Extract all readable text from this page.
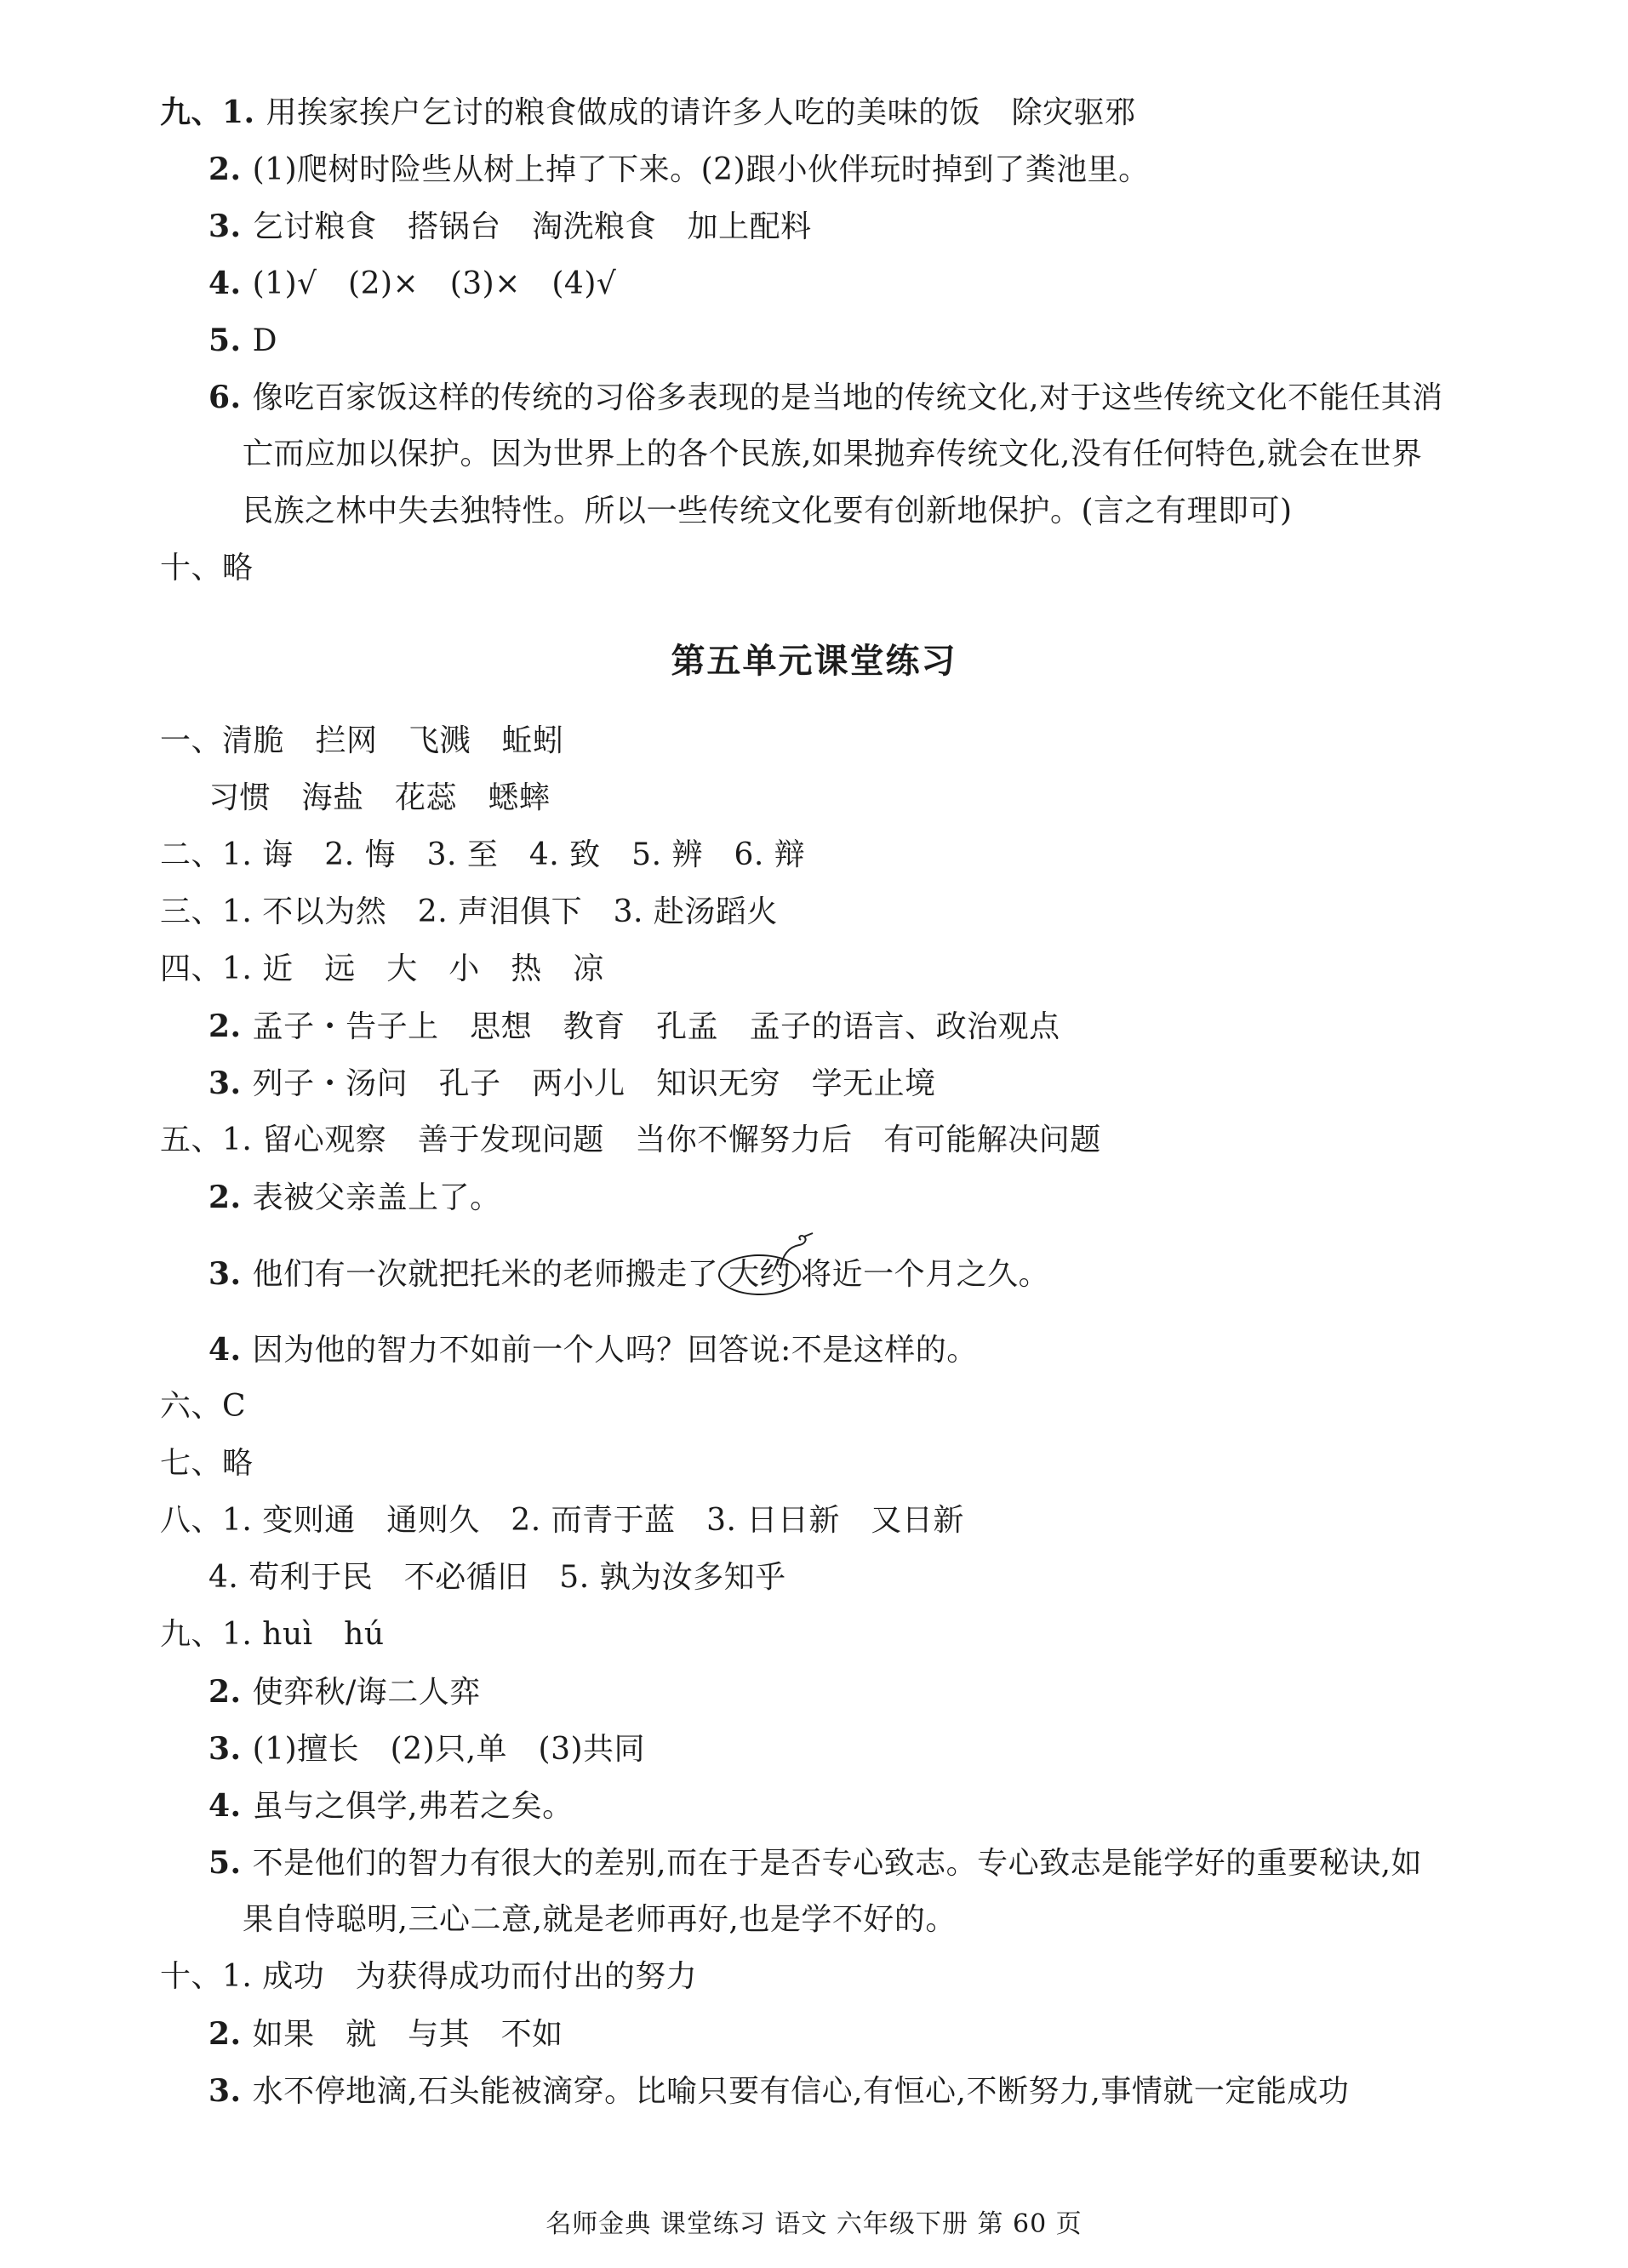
九、1. 用挨家挨户乞讨的粮食做成的请许多人吃的美味的饭　除灾驱邪
2. (1)爬树时险些从树上掉了下来。(2)跟小伙伴玩时掉到了粪池里。
3. 乞讨粮食　搭锅台　淘洗粮食　加上配料
4. (1)√　(2)×　(3)×　(4)√
5. D
6. 像吃百家饭这样的传统的习俗多表现的是当地的传统文化,对于这些传统文化不能任其消
亡而应加以保护。因为世界上的各个民族,如果抛弃传统文化,没有任何特色,就会在世界
民族之林中失去独特性。所以一些传统文化要有创新地保护。(言之有理即可)
十、略
第五单元课堂练习
一、清脆　拦网　飞溅　蚯蚓
习惯　海盐　花蕊　蟋蟀
二、1. 诲　2. 悔　3. 至　4. 致　5. 辨　6. 辩
三、1. 不以为然　2. 声泪俱下　3. 赴汤蹈火
四、1. 近　远　大　小　热　凉
2. 孟子・告子上　思想　教育　孔孟　孟子的语言、政治观点
3. 列子・汤问　孔子　两小儿　知识无穷　学无止境
五、1. 留心观察　善于发现问题　当你不懈努力后　有可能解决问题
2. 表被父亲盖上了。
3. 他们有一次就把托米的老师搬走了 大约 将近一个月之久。
4. 因为他的智力不如前一个人吗？回答说:不是这样的。
六、C
七、略
八、1. 变则通　通则久　2. 而青于蓝　3. 日日新　又日新
4. 苟利于民　不必循旧　5. 孰为汝多知乎
九、1. huì　hú
2. 使弈秋/诲二人弈
3. (1)擅长　(2)只,单　(3)共同
4. 虽与之俱学,弗若之矣。
5. 不是他们的智力有很大的差别,而在于是否专心致志。专心致志是能学好的重要秘诀,如
果自恃聪明,三心二意,就是老师再好,也是学不好的。
十、1. 成功　为获得成功而付出的努力
2. 如果　就　与其　不如
3. 水不停地滴,石头能被滴穿。比喻只要有信心,有恒心,不断努力,事情就一定能成功
名师金典 课堂练习 语文 六年级下册 第 60 页
